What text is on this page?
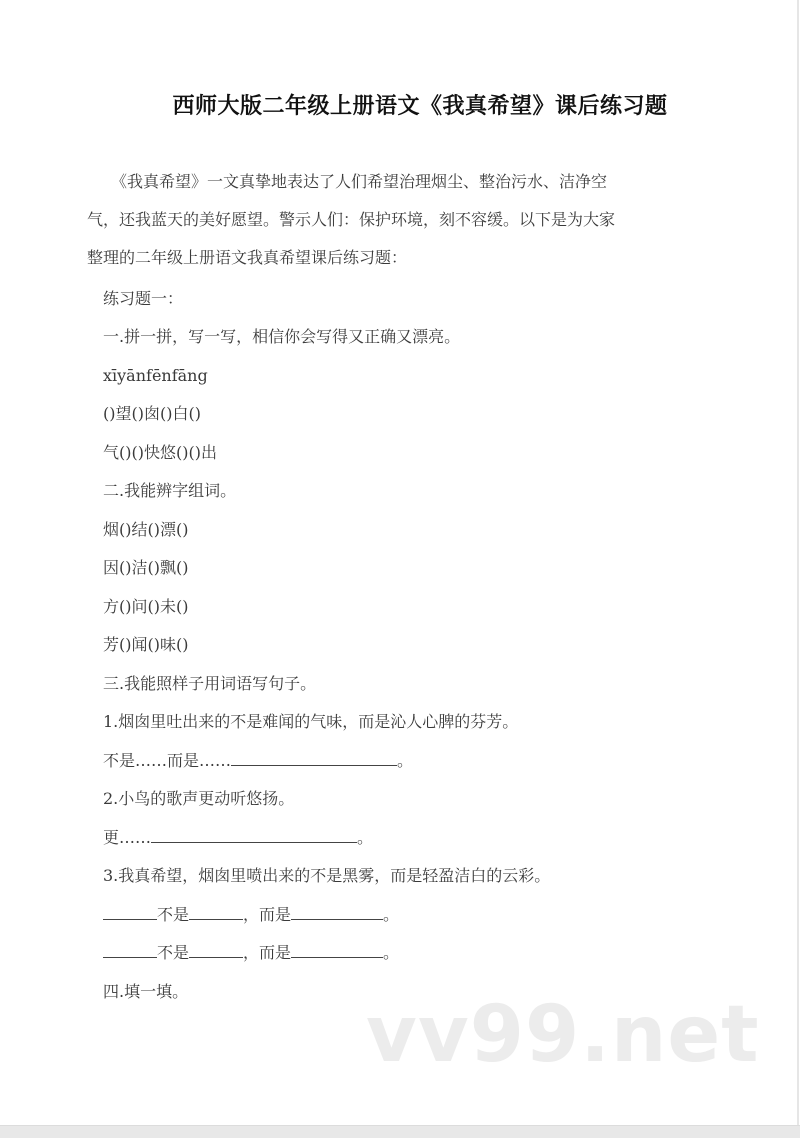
西师大版二年级上册语文《我真希望》课后练习题
　　《我真希望》一文真挚地表达了人们希望治理烟尘、整治污水、洁净空
气，还我蓝天的美好愿望。警示人们：保护环境，刻不容缓。以下是为大家
整理的二年级上册语文我真希望课后练习题：
练习题一：
一.拼一拼，写一写，相信你会写得又正确又漂亮。
xīyānfēnfāng
()望()囱()白()
气()()快悠()()出
二.我能辨字组词。
烟()结()漂()
因()洁()飘()
方()问()未()
芳()闻()味()
三.我能照样子用词语写句子。
1.烟囱里吐出来的不是难闻的气味，而是沁人心脾的芬芳。
不是……而是……	。
2.小鸟的歌声更动听悠扬。
更……	。
3.我真希望，烟囱里喷出来的不是黑雾，而是轻盈洁白的云彩。
不是	，而是	。
不是	，而是	。
四.填一填。 vv99.net
